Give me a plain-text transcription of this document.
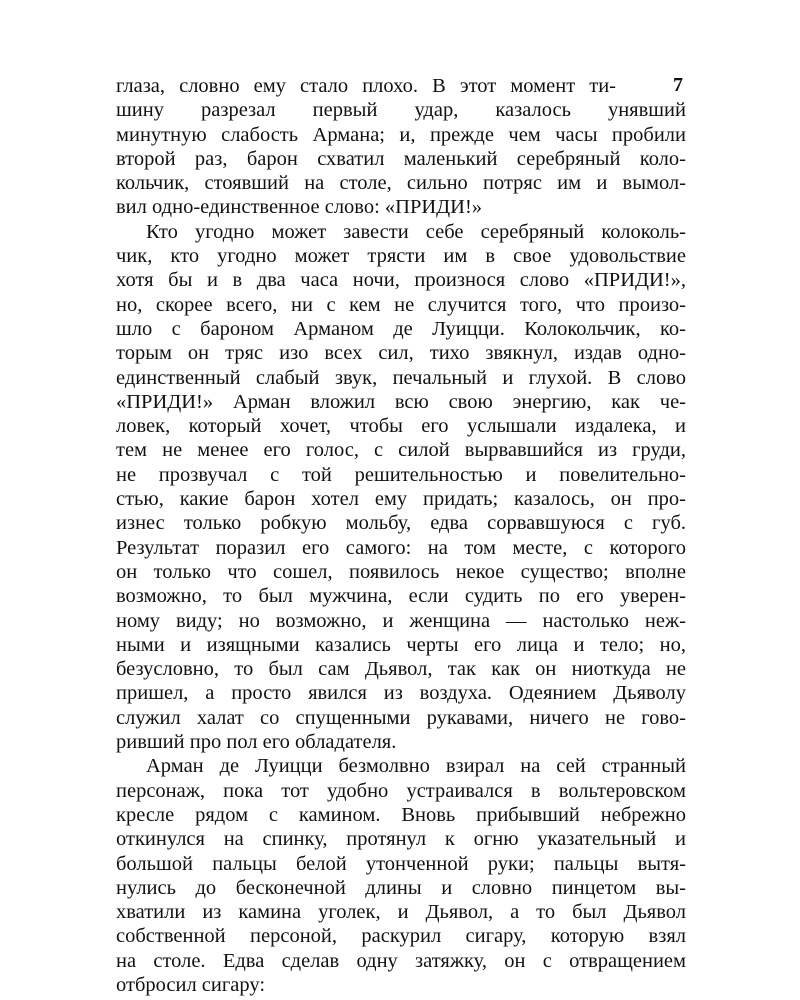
7
глаза, словно ему стало плохо. В этот момент ти-
шину разрезал первый удар, казалось унявший
минутную слабость Армана; и, прежде чем часы пробили
второй раз, барон схватил маленький серебряный коло-
кольчик, стоявший на столе, сильно потряс им и вымол-
вил одно-единственное слово: «ПРИДИ!»
Кто угодно может завести себе серебряный колоколь-
чик, кто угодно может трясти им в свое удовольствие
хотя бы и в два часа ночи, произнося слово «ПРИДИ!»,
но, скорее всего, ни с кем не случится того, что произо-
шло с бароном Арманом де Луицци. Колокольчик, ко-
торым он тряс изо всех сил, тихо звякнул, издав одно-
единственный слабый звук, печальный и глухой. В слово
«ПРИДИ!» Арман вложил всю свою энергию, как че-
ловек, который хочет, чтобы его услышали издалека, и
тем не менее его голос, с силой вырвавшийся из груди,
не прозвучал с той решительностью и повелительно-
стью, какие барон хотел ему придать; казалось, он про-
изнес только робкую мольбу, едва сорвавшуюся с губ.
Результат поразил его самого: на том месте, с которого
он только что сошел, появилось некое существо; вполне
возможно, то был мужчина, если судить по его уверен-
ному виду; но возможно, и женщина — настолько неж-
ными и изящными казались черты его лица и тело; но,
безусловно, то был сам Дьявол, так как он ниоткуда не
пришел, а просто явился из воздуха. Одеянием Дьяволу
служил халат со спущенными рукавами, ничего не гово-
ривший про пол его обладателя.
Арман де Луицци безмолвно взирал на сей странный
персонаж, пока тот удобно устраивался в вольтеровском
кресле рядом с камином. Вновь прибывший небрежно
откинулся на спинку, протянул к огню указательный и
большой пальцы белой утонченной руки; пальцы вытя-
нулись до бесконечной длины и словно пинцетом вы-
хватили из камина уголек, и Дьявол, а то был Дьявол
собственной персоной, раскурил сигару, которую взял
на столе. Едва сделав одну затяжку, он с отвращением
отбросил сигару:
